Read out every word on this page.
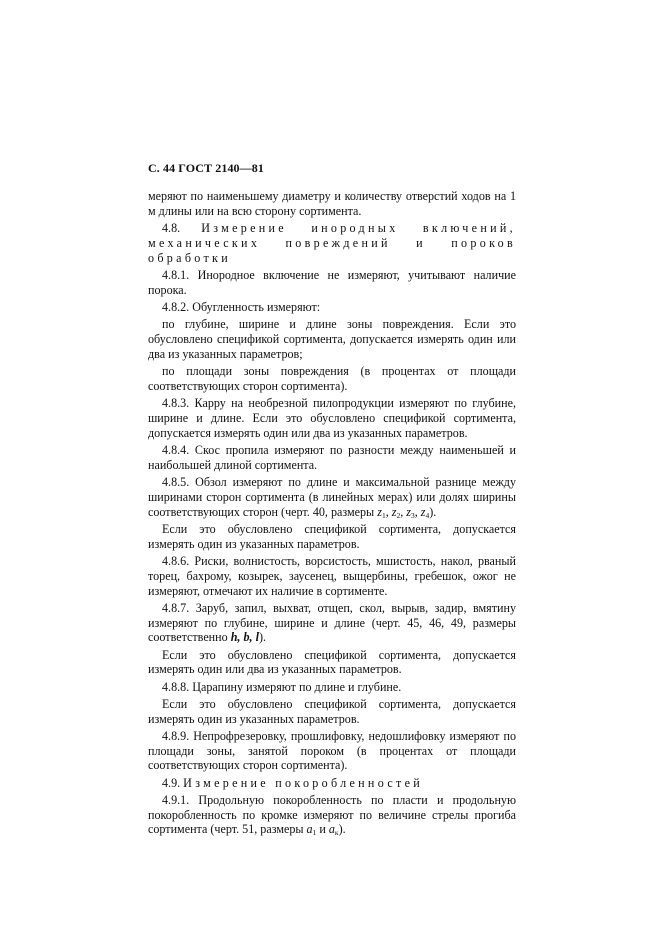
С. 44 ГОСТ 2140—81

меряют по наименьшему диаметру и количеству отверстий ходов на 1 м длины или на всю сторону сортимента.

4.8. Измерение инородных включений, механических повреждений и пороков обработки

4.8.1. Инородное включение не измеряют, учитывают наличие порока.

4.8.2. Обугленность измеряют:

по глубине, ширине и длине зоны повреждения. Если это обусловлено спецификой сортимента, допускается измерять один или два из указанных параметров;

по площади зоны повреждения (в процентах от площади соответствующих сторон сортимента).

4.8.3. Карру на необрезной пилопродукции измеряют по глубине, ширине и длине. Если это обусловлено спецификой сортимента, допускается измерять один или два из указанных параметров.

4.8.4. Скос пропила измеряют по разности между наименьшей и наибольшей длиной сортимента.

4.8.5. Обзол измеряют по длине и максимальной разнице между ширинами сторон сортимента (в линейных мерах) или долях ширины соответствующих сторон (черт. 40, размеры $z_1$, $z_2$, $z_3$, $z_4$).

Если это обусловлено спецификой сортимента, допускается измерять один из указанных параметров.

4.8.6. Риски, волнистость, ворсистость, мшистость, накол, рваный торец, бахрому, козырек, заусенец, выщербины, гребешок, ожог не измеряют, отмечают их наличие в сортименте.

4.8.7. Заруб, запил, выхват, отщеп, скол, вырыв, задир, вмятину измеряют по глубине, ширине и длине (черт. 45, 46, 49, размеры соответственно h, b, l).

Если это обусловлено спецификой сортимента, допускается измерять один или два из указанных параметров.

4.8.8. Царапину измеряют по длине и глубине.

Если это обусловлено спецификой сортимента, допускается измерять один из указанных параметров.

4.8.9. Непрофрезеровку, прошлифовку, недошлифовку измеряют по площади зоны, занятой пороком (в процентах от площади соответствующих сторон сортимента).

4.9. Измерение покоробленностей

4.9.1. Продольную покоробленность по пласти и продольную покоробленность по кромке измеряют по величине стрелы прогиба сортимента (черт. 51, размеры $a_1$ и $a_к$).
